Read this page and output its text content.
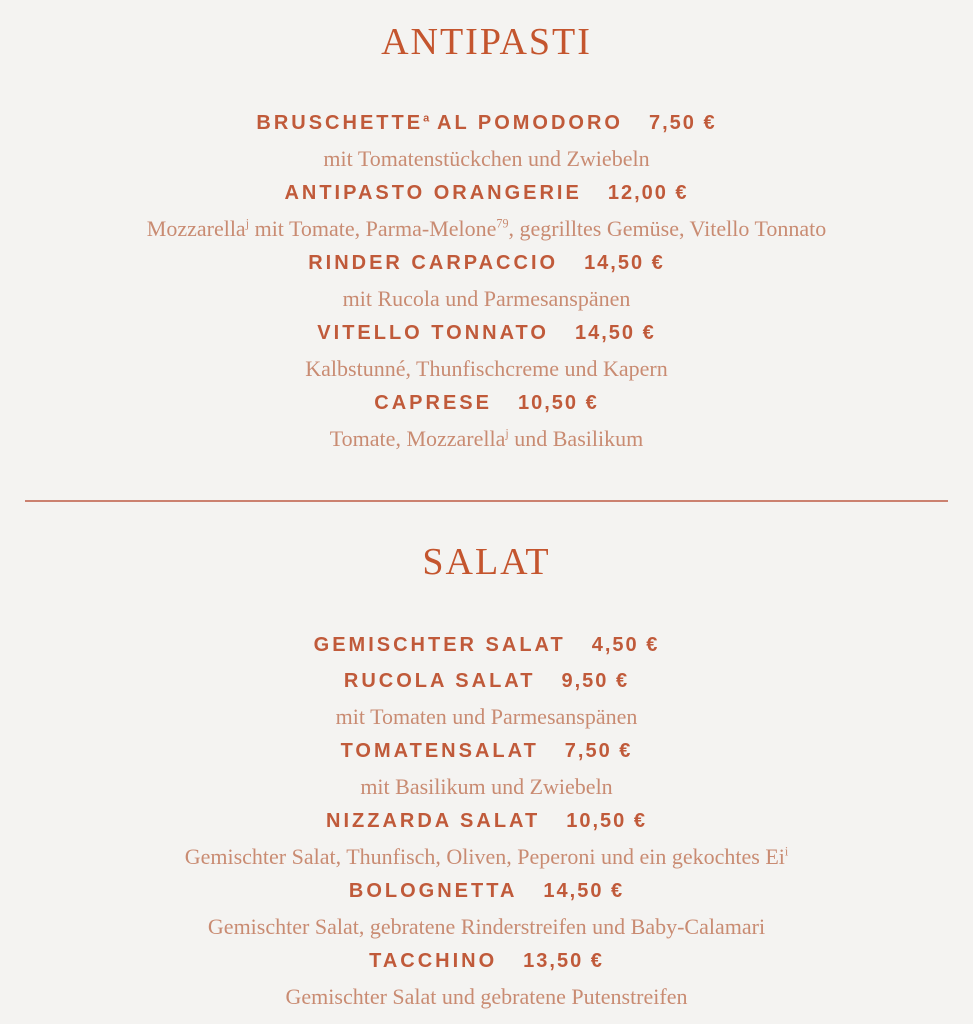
ANTIPASTI
BRUSCHETTE$^a$ AL POMODORO 7,50 €
mit Tomatenstückchen und Zwiebeln
ANTIPASTO ORANGERIE 12,00 €
Mozzarella$^j$ mit Tomate, Parma-Melone$^{79}$, gegrilltes Gemüse, Vitello Tonnato
RINDER CARPACCIO 14,50 €
mit Rucola und Parmesanspänen
VITELLO TONNATO 14,50 €
Kalbstunné, Thunfischcreme und Kapern
CAPRESE 10,50 €
Tomate, Mozzarella$^j$ und Basilikum
SALAT
GEMISCHTER SALAT 4,50 €
RUCOLA SALAT 9,50 €
mit Tomaten und Parmesanspänen
TOMATENSALAT 7,50 €
mit Basilikum und Zwiebeln
NIZZARDA SALAT 10,50 €
Gemischter Salat, Thunfisch, Oliven, Peperoni und ein gekochtes Ei$^i$
BOLOGNETTA 14,50 €
Gemischter Salat, gebratene Rinderstreifen und Baby-Calamari
TACCHINO 13,50 €
Gemischter Salat und gebratene Putenstreifen
